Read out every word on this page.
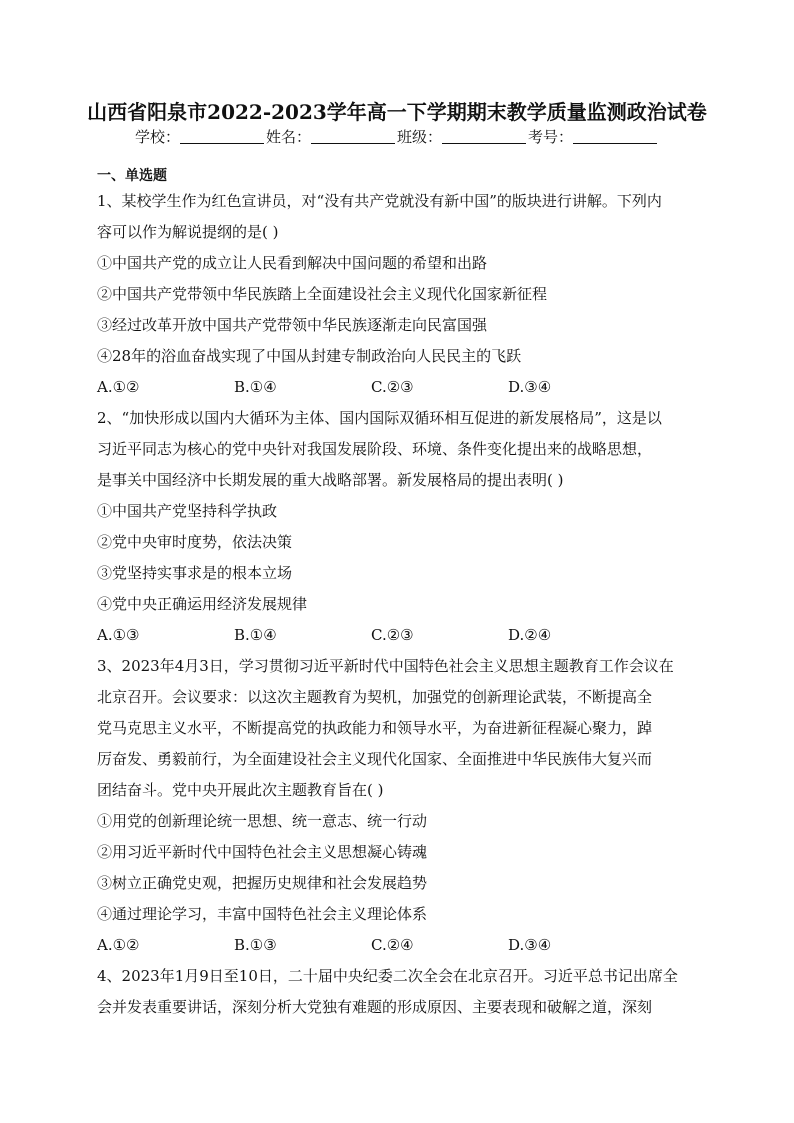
山西省阳泉市2022-2023学年高一下学期期末教学质量监测政治试卷
学校：	姓名：	班级：	考号：
一、单选题
1、某校学生作为红色宣讲员，对“没有共产党就没有新中国”的版块进行讲解。下列内
容可以作为解说提纲的是( )
①中国共产党的成立让人民看到解决中国问题的希望和出路
②中国共产党带领中华民族踏上全面建设社会主义现代化国家新征程
③经过改革开放中国共产党带领中华民族逐渐走向民富国强
④28年的浴血奋战实现了中国从封建专制政治向人民民主的飞跃
A.①②	B.①④	C.②③	D.③④
2、“加快形成以国内大循环为主体、国内国际双循环相互促进的新发展格局”，这是以
习近平同志为核心的党中央针对我国发展阶段、环境、条件变化提出来的战略思想，
是事关中国经济中长期发展的重大战略部署。新发展格局的提出表明( )
①中国共产党坚持科学执政
②党中央审时度势，依法决策
③党坚持实事求是的根本立场
④党中央正确运用经济发展规律
A.①③	B.①④	C.②③	D.②④
3、2023年4月3日，学习贯彻习近平新时代中国特色社会主义思想主题教育工作会议在
北京召开。会议要求：以这次主题教育为契机，加强党的创新理论武装，不断提高全
党马克思主义水平，不断提高党的执政能力和领导水平，为奋进新征程凝心聚力，踔
厉奋发、勇毅前行，为全面建设社会主义现代化国家、全面推进中华民族伟大复兴而
团结奋斗。党中央开展此次主题教育旨在( )
①用党的创新理论统一思想、统一意志、统一行动
②用习近平新时代中国特色社会主义思想凝心铸魂
③树立正确党史观，把握历史规律和社会发展趋势
④通过理论学习，丰富中国特色社会主义理论体系
A.①②	B.①③	C.②④	D.③④
4、2023年1月9日至10日，二十届中央纪委二次全会在北京召开。习近平总书记出席全
会并发表重要讲话，深刻分析大党独有难题的形成原因、主要表现和破解之道，深刻
